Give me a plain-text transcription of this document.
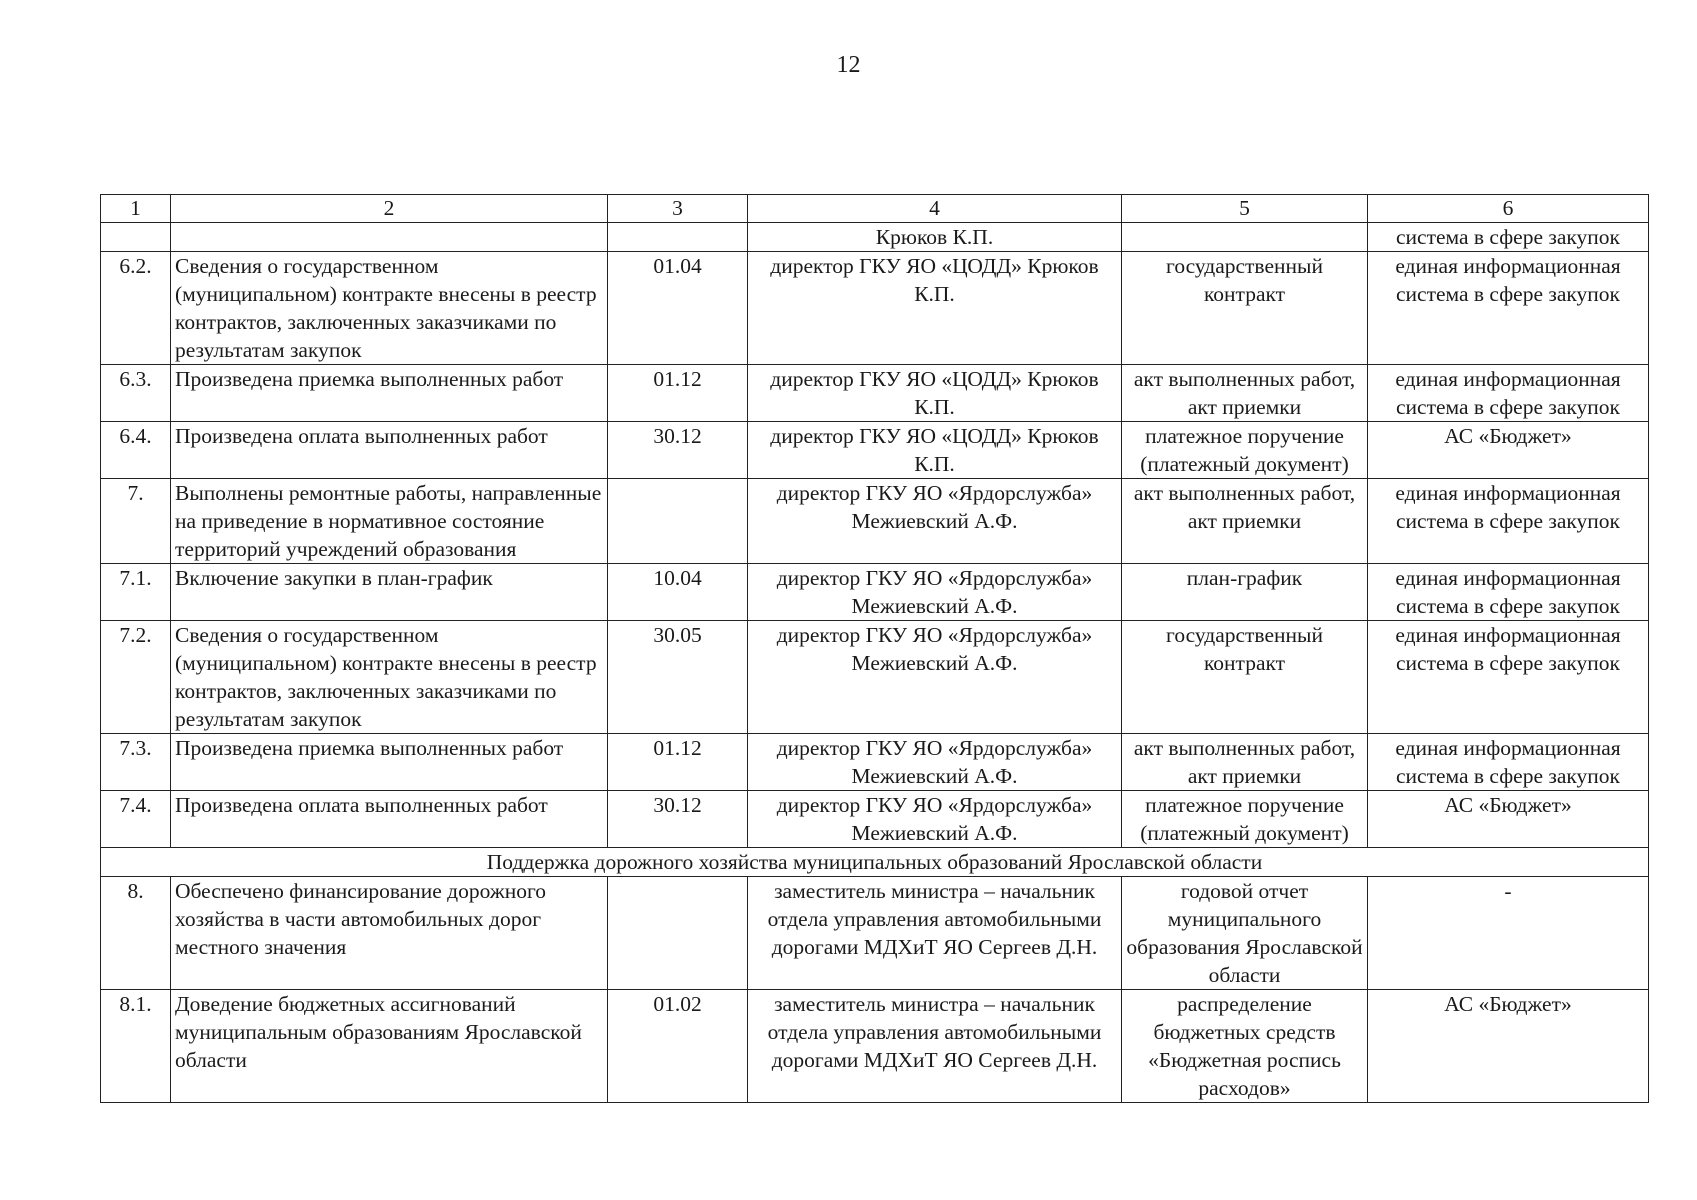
12
1	2	3	4	5	6
			Крюков К.П.		система в сфере закупок
6.2.	Сведения о государственном (муниципальном) контракте внесены в реестр контрактов, заключенных заказчиками по результатам закупок	01.04	директор ГКУ ЯО «ЦОДД» Крюков К.П.	государственный контракт	единая информационная система в сфере закупок
6.3.	Произведена приемка выполненных работ	01.12	директор ГКУ ЯО «ЦОДД» Крюков К.П.	акт выполненных работ, акт приемки	единая информационная система в сфере закупок
6.4.	Произведена оплата выполненных работ	30.12	директор ГКУ ЯО «ЦОДД» Крюков К.П.	платежное поручение (платежный документ)	АС «Бюджет»
7.	Выполнены ремонтные работы, направленные на приведение в нормативное состояние территорий учреждений образования		директор ГКУ ЯО «Ярдорслужба» Межиевский А.Ф.	акт выполненных работ, акт приемки	единая информационная система в сфере закупок
7.1.	Включение закупки в план-график	10.04	директор ГКУ ЯО «Ярдорслужба» Межиевский А.Ф.	план-график	единая информационная система в сфере закупок
7.2.	Сведения о государственном (муниципальном) контракте внесены в реестр контрактов, заключенных заказчиками по результатам закупок	30.05	директор ГКУ ЯО «Ярдорслужба» Межиевский А.Ф.	государственный контракт	единая информационная система в сфере закупок
7.3.	Произведена приемка выполненных работ	01.12	директор ГКУ ЯО «Ярдорслужба» Межиевский А.Ф.	акт выполненных работ, акт приемки	единая информационная система в сфере закупок
7.4.	Произведена оплата выполненных работ	30.12	директор ГКУ ЯО «Ярдорслужба» Межиевский А.Ф.	платежное поручение (платежный документ)	АС «Бюджет»
Поддержка дорожного хозяйства муниципальных образований Ярославской области					
8.	Обеспечено финансирование дорожного хозяйства в части автомобильных дорог местного значения		заместитель министра – начальник отдела управления автомобильными дорогами МДХиТ ЯО Сергеев Д.Н.	годовой отчет муниципального образования Ярославской области	-
8.1.	Доведение бюджетных ассигнований муниципальным образованиям Ярославской области	01.02	заместитель министра – начальник отдела управления автомобильными дорогами МДХиТ ЯО Сергеев Д.Н.	распределение бюджетных средств «Бюджетная роспись расходов»	АС «Бюджет»
